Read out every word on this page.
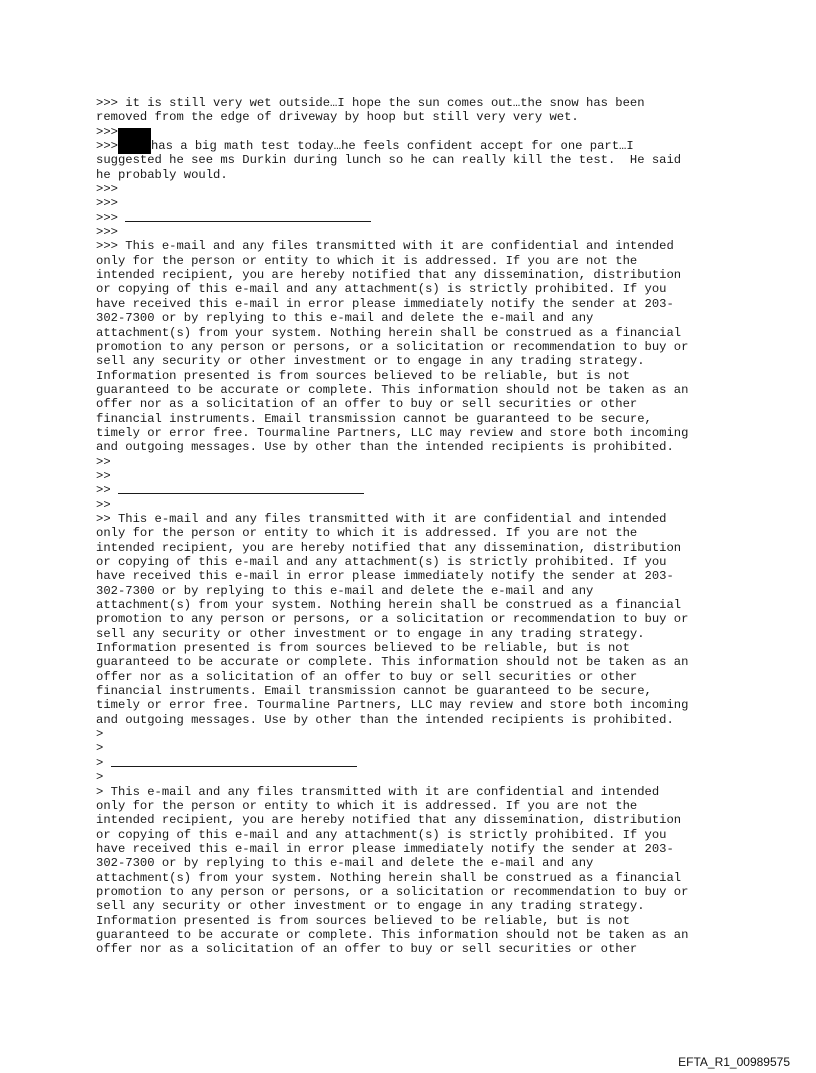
>>> it is still very wet outside…I hope the sun comes out…the snow has been
removed from the edge of driveway by hoop but still very very wet.
>>>
>>>	has a big math test today…he feels confident accept for one part…I
suggested he see ms Durkin during lunch so he can really kill the test.  He said
he probably would.
>>>
>>>
>>>
>>>
>>> This e-mail and any files transmitted with it are confidential and intended
only for the person or entity to which it is addressed. If you are not the
intended recipient, you are hereby notified that any dissemination, distribution
or copying of this e-mail and any attachment(s) is strictly prohibited. If you
have received this e-mail in error please immediately notify the sender at 203-
302-7300 or by replying to this e-mail and delete the e-mail and any
attachment(s) from your system. Nothing herein shall be construed as a financial
promotion to any person or persons, or a solicitation or recommendation to buy or
sell any security or other investment or to engage in any trading strategy.
Information presented is from sources believed to be reliable, but is not
guaranteed to be accurate or complete. This information should not be taken as an
offer nor as a solicitation of an offer to buy or sell securities or other
financial instruments. Email transmission cannot be guaranteed to be secure,
timely or error free. Tourmaline Partners, LLC may review and store both incoming
and outgoing messages. Use by other than the intended recipients is prohibited.
>>
>>
>>
>>
>> This e-mail and any files transmitted with it are confidential and intended
only for the person or entity to which it is addressed. If you are not the
intended recipient, you are hereby notified that any dissemination, distribution
or copying of this e-mail and any attachment(s) is strictly prohibited. If you
have received this e-mail in error please immediately notify the sender at 203-
302-7300 or by replying to this e-mail and delete the e-mail and any
attachment(s) from your system. Nothing herein shall be construed as a financial
promotion to any person or persons, or a solicitation or recommendation to buy or
sell any security or other investment or to engage in any trading strategy.
Information presented is from sources believed to be reliable, but is not
guaranteed to be accurate or complete. This information should not be taken as an
offer nor as a solicitation of an offer to buy or sell securities or other
financial instruments. Email transmission cannot be guaranteed to be secure,
timely or error free. Tourmaline Partners, LLC may review and store both incoming
and outgoing messages. Use by other than the intended recipients is prohibited.
>
>
>
>
> This e-mail and any files transmitted with it are confidential and intended
only for the person or entity to which it is addressed. If you are not the
intended recipient, you are hereby notified that any dissemination, distribution
or copying of this e-mail and any attachment(s) is strictly prohibited. If you
have received this e-mail in error please immediately notify the sender at 203-
302-7300 or by replying to this e-mail and delete the e-mail and any
attachment(s) from your system. Nothing herein shall be construed as a financial
promotion to any person or persons, or a solicitation or recommendation to buy or
sell any security or other investment or to engage in any trading strategy.
Information presented is from sources believed to be reliable, but is not
guaranteed to be accurate or complete. This information should not be taken as an
offer nor as a solicitation of an offer to buy or sell securities or other
EFTA_R1_00989575
